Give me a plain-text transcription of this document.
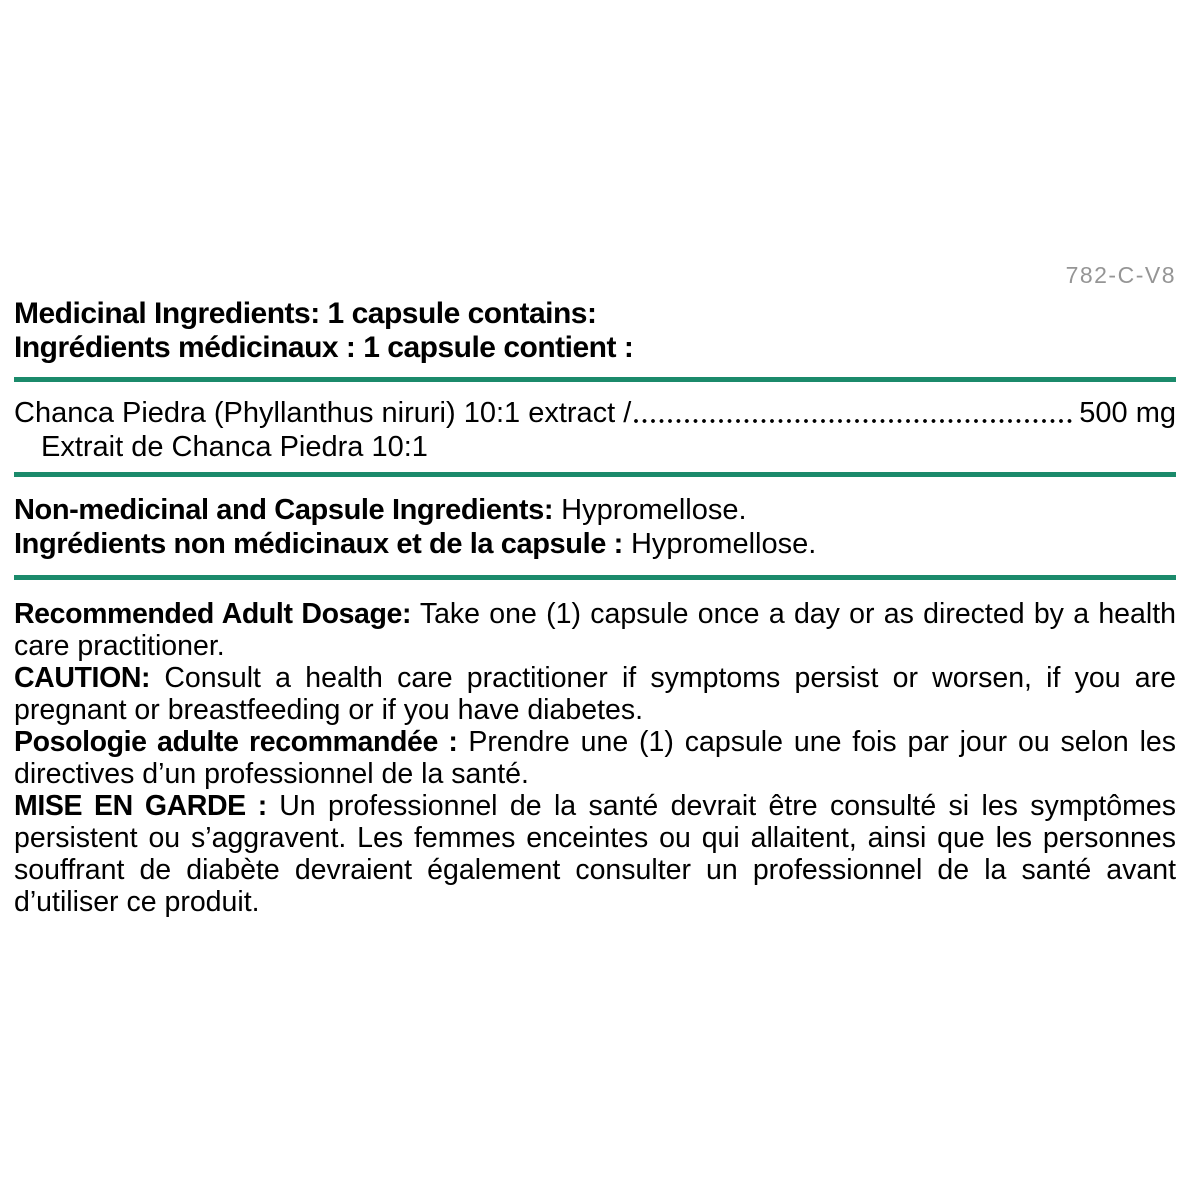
782-C-V8

Medicinal Ingredients: 1 capsule contains:

Ingrédients médicinaux : 1 capsule contient :

Chanca Piedra (Phyllanthus niruri) 10:1 extract /	500 mg
Extrait de Chanca Piedra 10:1

Non-medicinal and Capsule Ingredients: Hypromellose.

Ingrédients non médicinaux et de la capsule : Hypromellose.

Recommended Adult Dosage: Take one (1) capsule once a day or as directed by a health care practitioner.

CAUTION: Consult a health care practitioner if symptoms persist or worsen, if you are pregnant or breastfeeding or if you have diabetes.

Posologie adulte recommandée : Prendre une (1) capsule une fois par jour ou selon les directives d’un professionnel de la santé.

MISE EN GARDE : Un professionnel de la santé devrait être consulté si les symptômes persistent ou s’aggravent. Les femmes enceintes ou qui allaitent, ainsi que les personnes souffrant de diabète devraient également consulter un professionnel de la santé avant d’utiliser ce produit.
